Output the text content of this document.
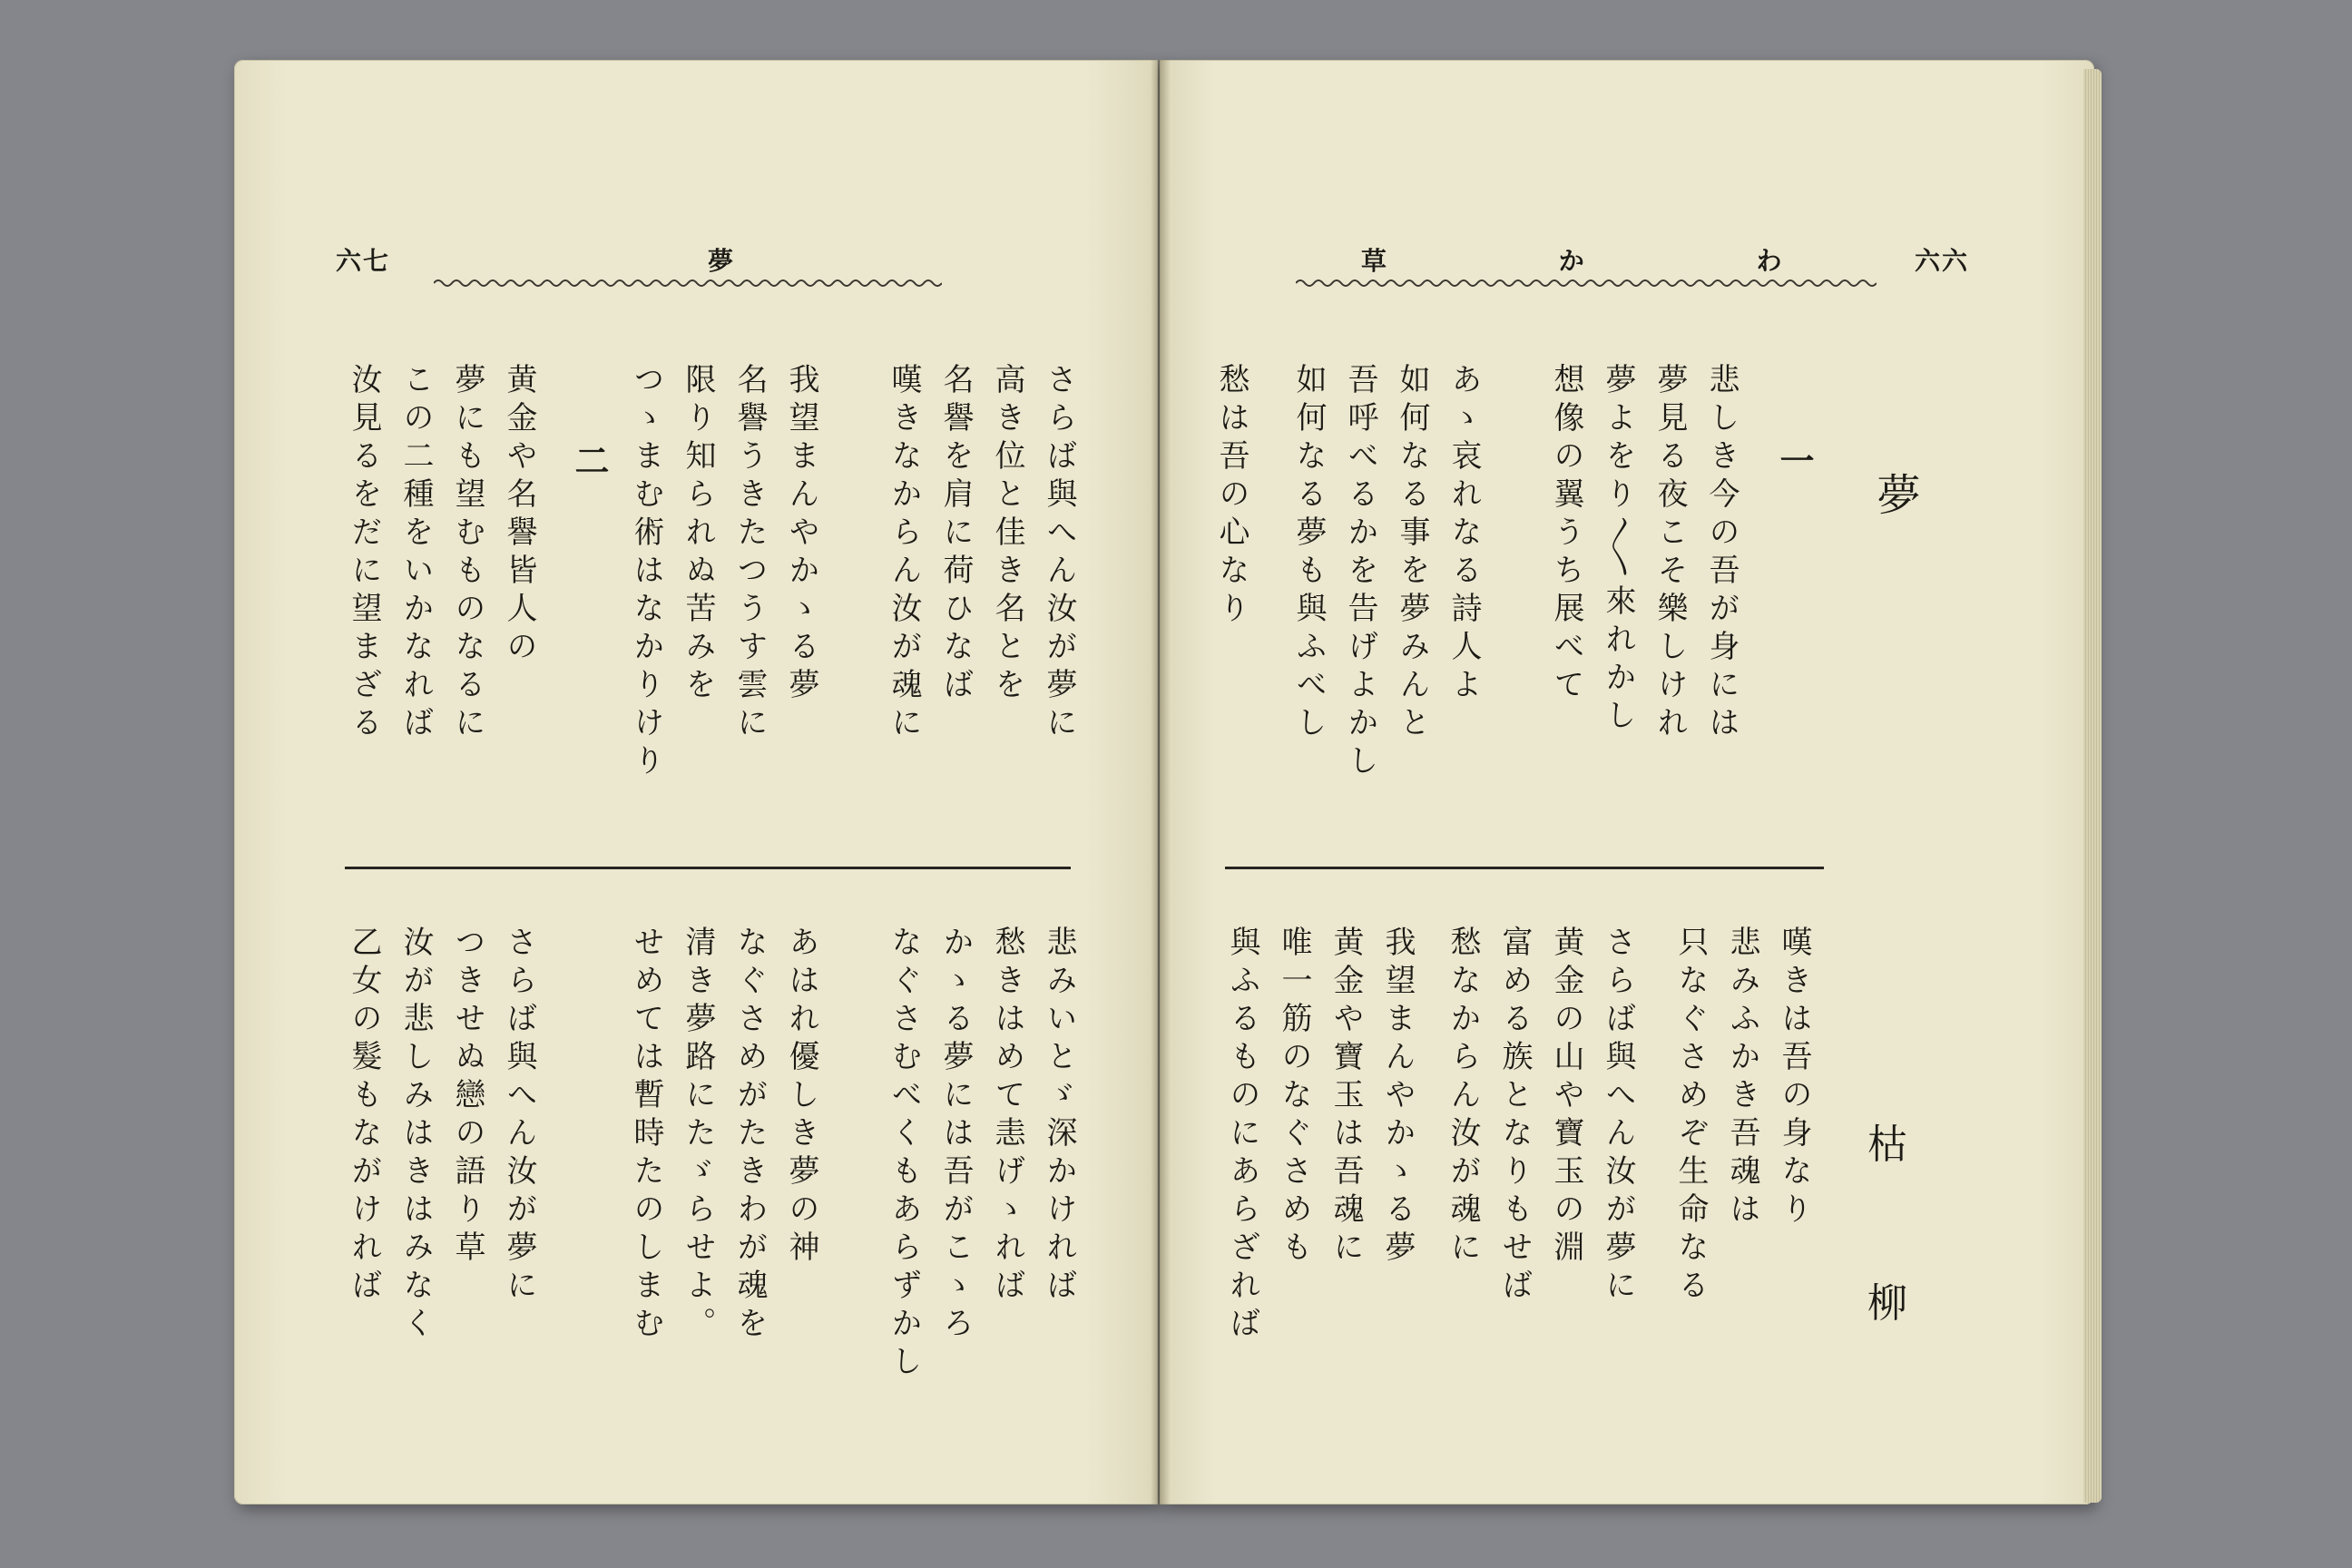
六七	夢
さらば與へん汝が夢に
高き位と佳き名とを
名譽を肩に荷ひなば
嘆きなからん汝が魂に
我望まんやかゝる夢
名譽うきたつうす雲に
限り知られぬ苦みを
つゝまむ術はなかりけり
二
黄金や名譽皆人の
夢にも望むものなるに
この二種をいかなれば
汝見るをだに望まざる
悲みいとゞ深かければ
愁きはめて恚げゝれば
かゝる夢には吾がこゝろ
なぐさむべくもあらずかし
あはれ優しき夢の神
なぐさめがたきわが魂を
清き夢路にたゞらせよ。
せめては暫時たのしまむ
さらば與へん汝が夢に
つきせぬ戀の語り草
汝が悲しみはきはみなく
乙女の髮もながければ
草 か わ 六六
夢
一
悲しき今の吾が身には
夢見る夜こそ樂しけれ
夢よをり〳〵來れかし
想像の翼うち展べて
あゝ哀れなる詩人よ
如何なる事を夢みんと
吾呼べるかを告げよかし
如何なる夢も與ふべし
愁は吾の心なり
枯
柳
嘆きは吾の身なり
悲みふかき吾魂は
只なぐさめぞ生命なる
さらば與へん汝が夢に
黄金の山や寶玉の淵
富める族となりもせば
愁なからん汝が魂に
我望まんやかゝる夢
黄金や寶玉は吾魂に
唯一筋のなぐさめも
與ふるものにあらざれば
